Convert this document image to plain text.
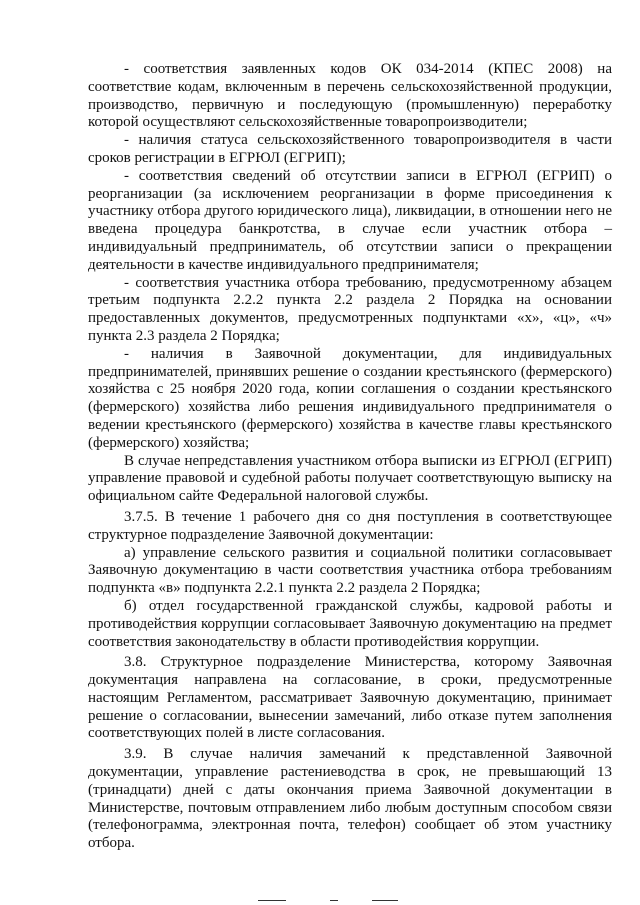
- соответствия заявленных кодов ОК 034-2014 (КПЕС 2008) на соответствие кодам, включенным в перечень сельскохозяйственной продукции, производство, первичную и последующую (промышленную) переработку которой осуществляют сельскохозяйственные товаропроизводители;

- наличия статуса сельскохозяйственного товаропроизводителя в части сроков регистрации в ЕГРЮЛ (ЕГРИП);

- соответствия сведений об отсутствии записи в ЕГРЮЛ (ЕГРИП) о реорганизации (за исключением реорганизации в форме присоединения к участнику отбора другого юридического лица), ликвидации, в отношении него не введена процедура банкротства, в случае если участник отбора – индивидуальный предприниматель, об отсутствии записи о прекращении деятельности в качестве индивидуального предпринимателя;

- соответствия участника отбора требованию, предусмотренному абзацем третьим подпункта 2.2.2 пункта 2.2 раздела 2 Порядка на основании предоставленных документов, предусмотренных подпунктами «х», «ц», «ч» пункта 2.3 раздела 2 Порядка;

- наличия в Заявочной документации, для индивидуальных предпринимателей, принявших решение о создании крестьянского (фермерского) хозяйства с 25 ноября 2020 года, копии соглашения о создании крестьянского (фермерского) хозяйства либо решения индивидуального предпринимателя о ведении крестьянского (фермерского) хозяйства в качестве главы крестьянского (фермерского) хозяйства;

В случае непредставления участником отбора выписки из ЕГРЮЛ (ЕГРИП) управление правовой и судебной работы получает соответствующую выписку на официальном сайте Федеральной налоговой службы.

3.7.5. В течение 1 рабочего дня со дня поступления в соответствующее структурное подразделение Заявочной документации:

а) управление сельского развития и социальной политики согласовывает Заявочную документацию в части соответствия участника отбора требованиям подпункта «в» подпункта 2.2.1 пункта 2.2 раздела 2 Порядка;

б) отдел государственной гражданской службы, кадровой работы и противодействия коррупции согласовывает Заявочную документацию на предмет соответствия законодательству в области противодействия коррупции.

3.8. Структурное подразделение Министерства, которому Заявочная документация направлена на согласование, в сроки, предусмотренные настоящим Регламентом, рассматривает Заявочную документацию, принимает решение о согласовании, вынесении замечаний, либо отказе путем заполнения соответствующих полей в листе согласования.

3.9. В случае наличия замечаний к представленной Заявочной документации, управление растениеводства в срок, не превышающий 13 (тринадцати) дней с даты окончания приема Заявочной документации в Министерстве, почтовым отправлением либо любым доступным способом связи (телефонограмма, электронная почта, телефон) сообщает об этом участнику отбора.
